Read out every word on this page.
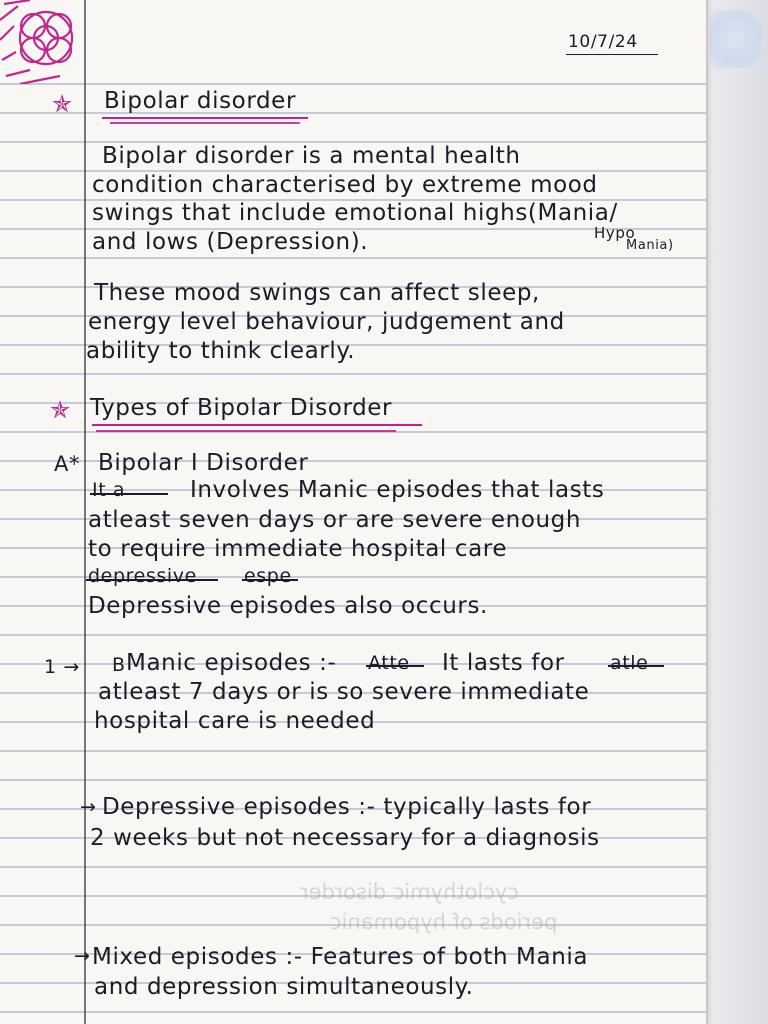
10/7/24
✯ Bipolar disorder
Bipolar disorder is a mental health
condition characterised by extreme mood
swings that include emotional highs(Mania/
and lows (Depression).	Hypo
Mania)
These mood swings can affect sleep,
energy level behaviour, judgement and
ability to think clearly.
✯ Types of Bipolar Disorder
A* Bipolar I Disorder
It a	Involves Manic episodes that lasts
atleast seven days or are severe enough
to require immediate hospital care
depressive espe
Depressive episodes also occurs.
1 → B Manic episodes :- Atte It lasts for atle
atleast 7 days or is so severe immediate
hospital care is needed
→ Depressive episodes :- typically lasts for
2 weeks but not necessary for a diagnosis
cyclothymic disorder
periods of hypomanic
→ Mixed episodes :- Features of both Mania
and depression simultaneously.
